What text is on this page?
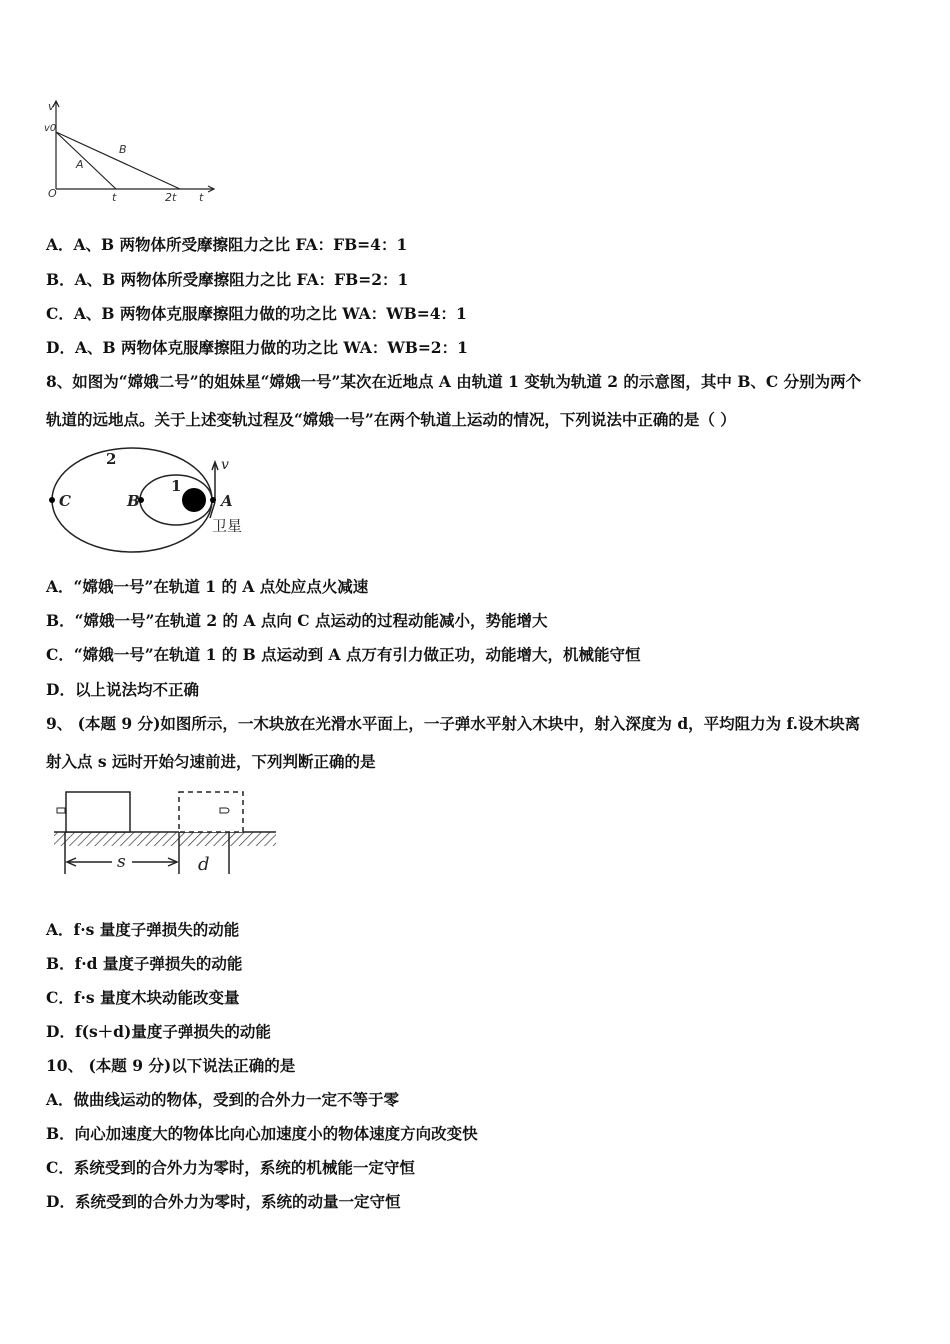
v
v0
O	t	2t t
A
B
A．A、B 两物体所受摩擦阻力之比 FA：FB=4：1
B．A、B 两物体所受摩擦阻力之比 FA：FB=2：1
C．A、B 两物体克服摩擦阻力做的功之比 WA：WB=4：1
D．A、B 两物体克服摩擦阻力做的功之比 WA：WB=2：1
8、如图为“嫦娥二号”的姐妹星“嫦娥一号”某次在近地点 A 由轨道 1 变轨为轨道 2 的示意图，其中 B、C 分别为两个
轨道的远地点。关于上述变轨过程及“嫦娥一号”在两个轨道上运动的情况，下列说法中正确的是（ ）
2
1
C	B	A
v
卫星
A．“嫦娥一号”在轨道 1 的 A 点处应点火减速
B．“嫦娥一号”在轨道 2 的 A 点向 C 点运动的过程动能减小，势能增大
C．“嫦娥一号”在轨道 1 的 B 点运动到 A 点万有引力做正功，动能增大，机械能守恒
D．以上说法均不正确
9、 (本题 9 分)如图所示，一木块放在光滑水平面上，一子弹水平射入木块中，射入深度为 d，平均阻力为 f.设木块离
射入点 s 远时开始匀速前进，下列判断正确的是
s	d
A．f·s 量度子弹损失的动能
B．f·d 量度子弹损失的动能
C．f·s 量度木块动能改变量
D．f(s＋d)量度子弹损失的动能
10、 (本题 9 分)以下说法正确的是
A．做曲线运动的物体，受到的合外力一定不等于零
B．向心加速度大的物体比向心加速度小的物体速度方向改变快
C．系统受到的合外力为零时，系统的机械能一定守恒
D．系统受到的合外力为零时，系统的动量一定守恒
